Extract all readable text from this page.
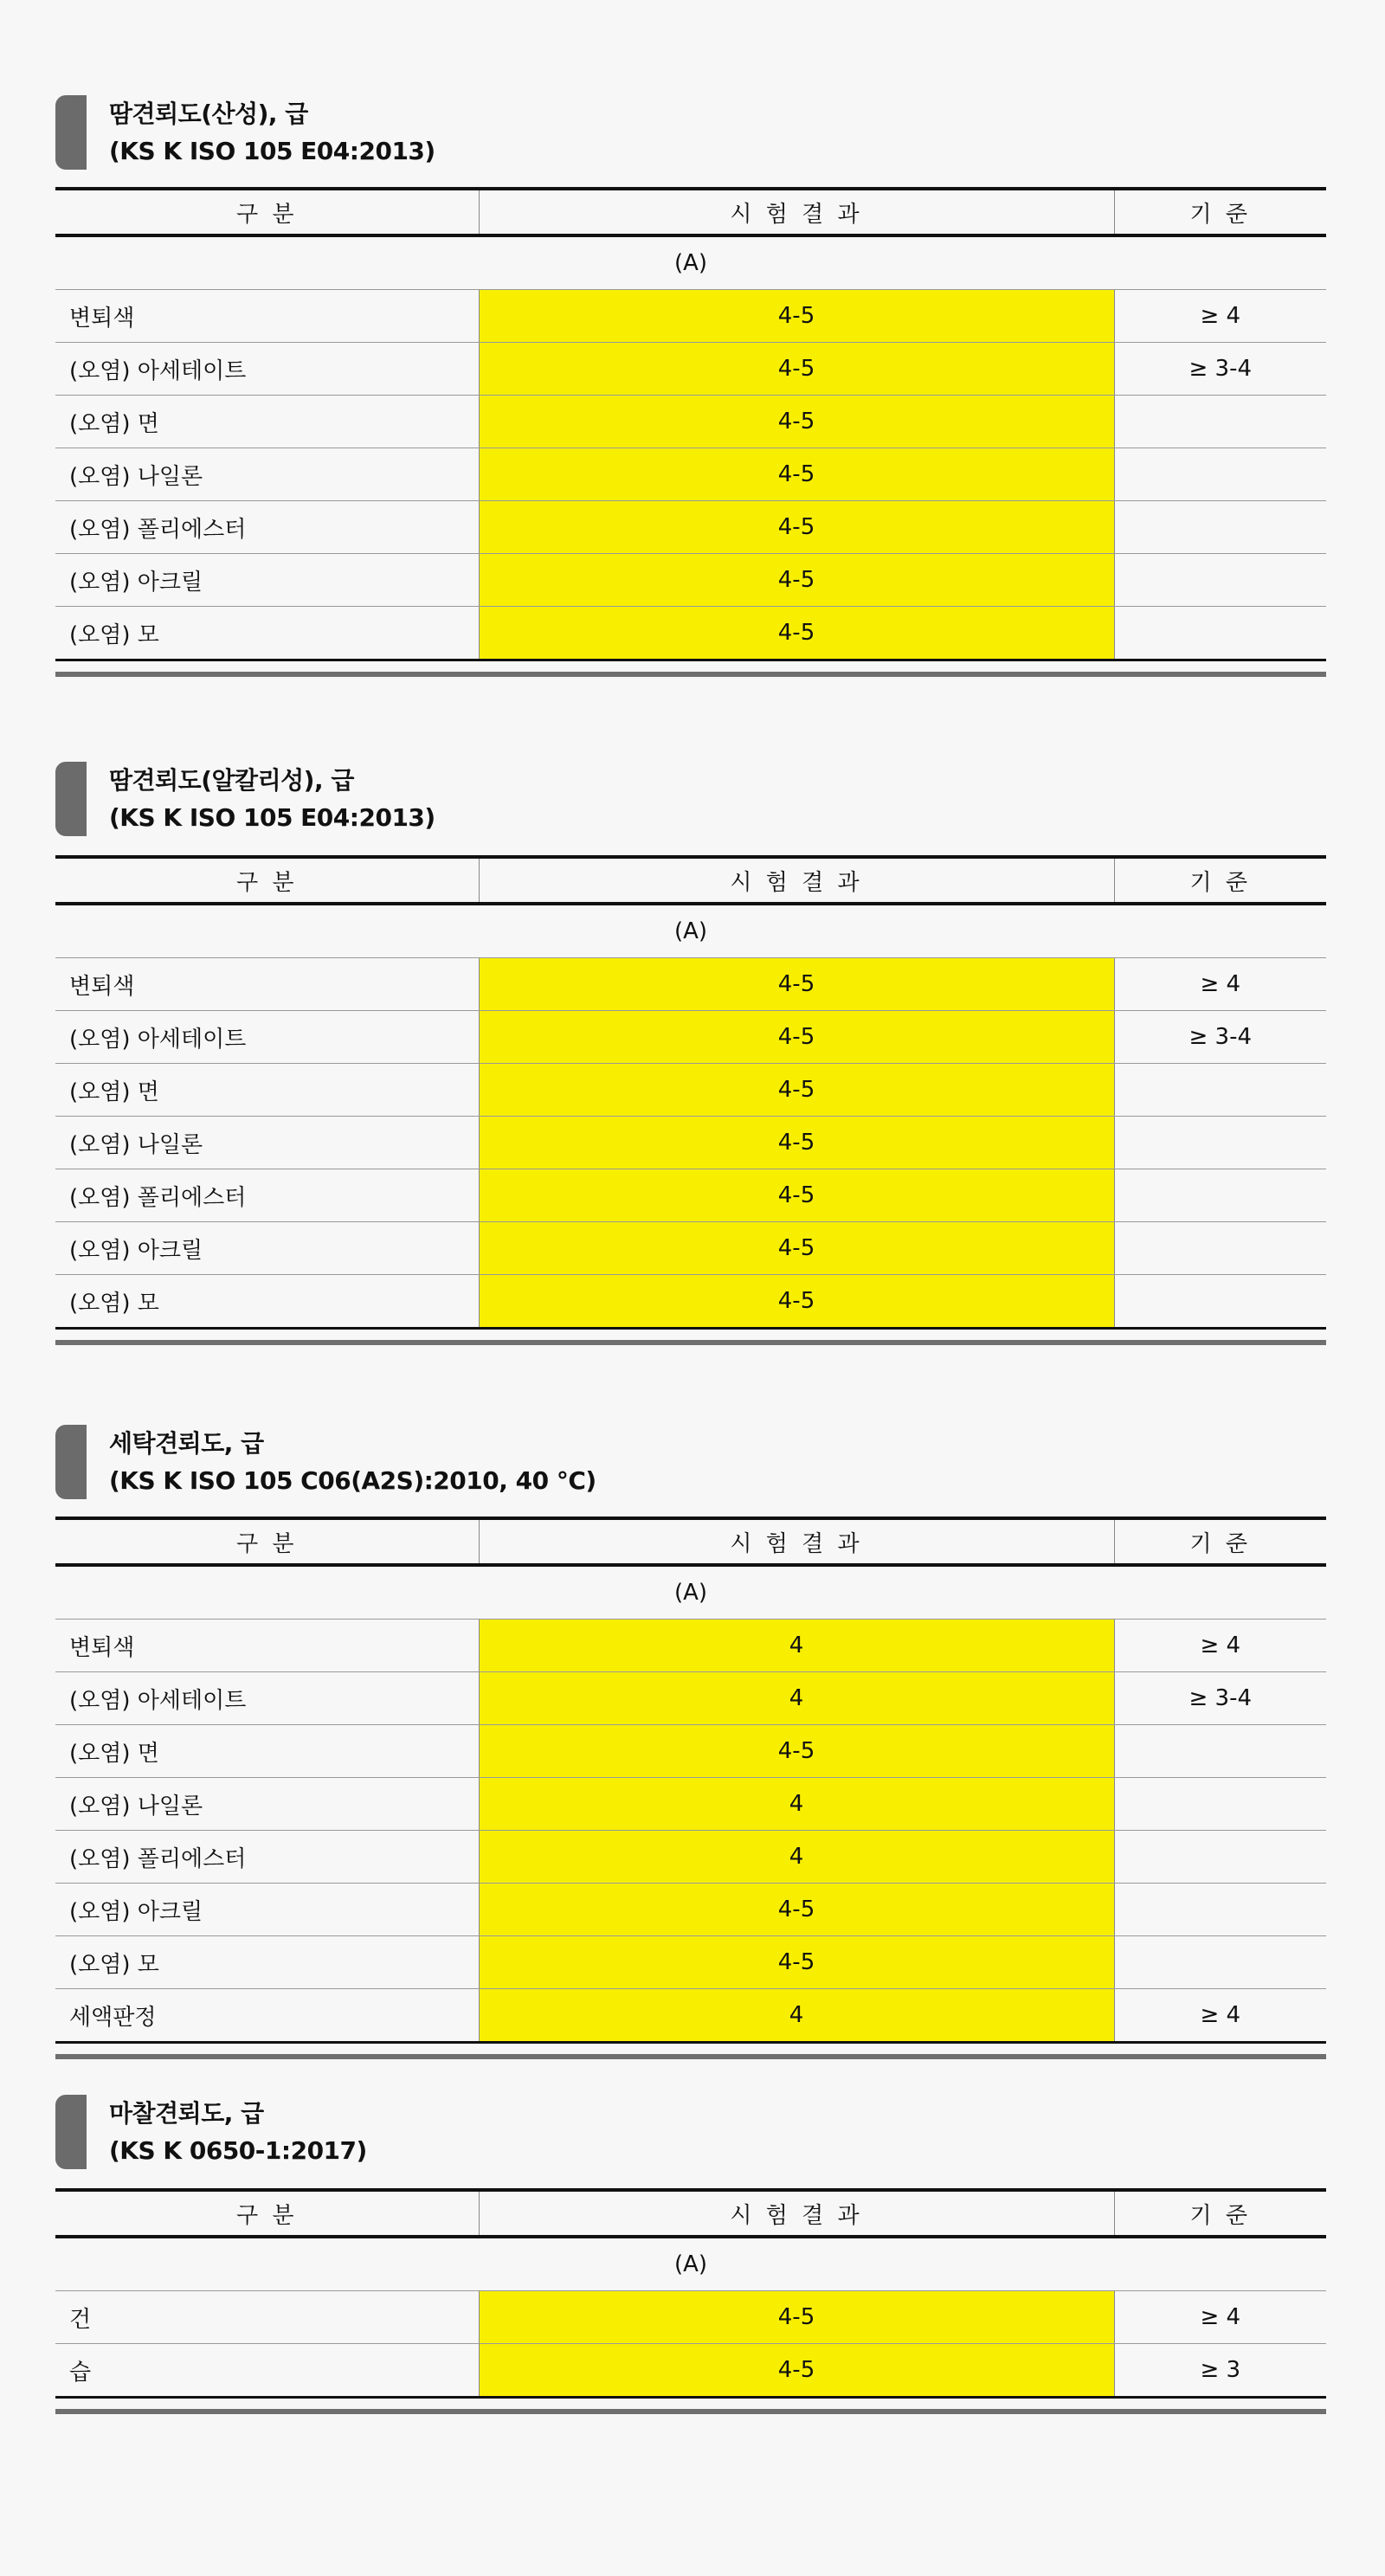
땀견뢰도(산성), 급
(KS K ISO 105 E04:2013)
구 분	시 험 결 과	기 준
(A)		
변퇴색	4-5	≥ 4
(오염) 아세테이트	4-5	≥ 3-4
(오염) 면	4-5	
(오염) 나일론	4-5	
(오염) 폴리에스터	4-5	
(오염) 아크릴	4-5	
(오염) 모	4-5	
땀견뢰도(알칼리성), 급
(KS K ISO 105 E04:2013)
구 분	시 험 결 과	기 준
(A)		
변퇴색	4-5	≥ 4
(오염) 아세테이트	4-5	≥ 3-4
(오염) 면	4-5	
(오염) 나일론	4-5	
(오염) 폴리에스터	4-5	
(오염) 아크릴	4-5	
(오염) 모	4-5	
세탁견뢰도, 급
(KS K ISO 105 C06(A2S):2010, 40 °C)
구 분	시 험 결 과	기 준
(A)		
변퇴색	4	≥ 4
(오염) 아세테이트	4	≥ 3-4
(오염) 면	4-5	
(오염) 나일론	4	
(오염) 폴리에스터	4	
(오염) 아크릴	4-5	
(오염) 모	4-5	
세액판정	4	≥ 4
마찰견뢰도, 급
(KS K 0650-1:2017)
구 분	시 험 결 과	기 준
(A)		
건	4-5	≥ 4
습	4-5	≥ 3
